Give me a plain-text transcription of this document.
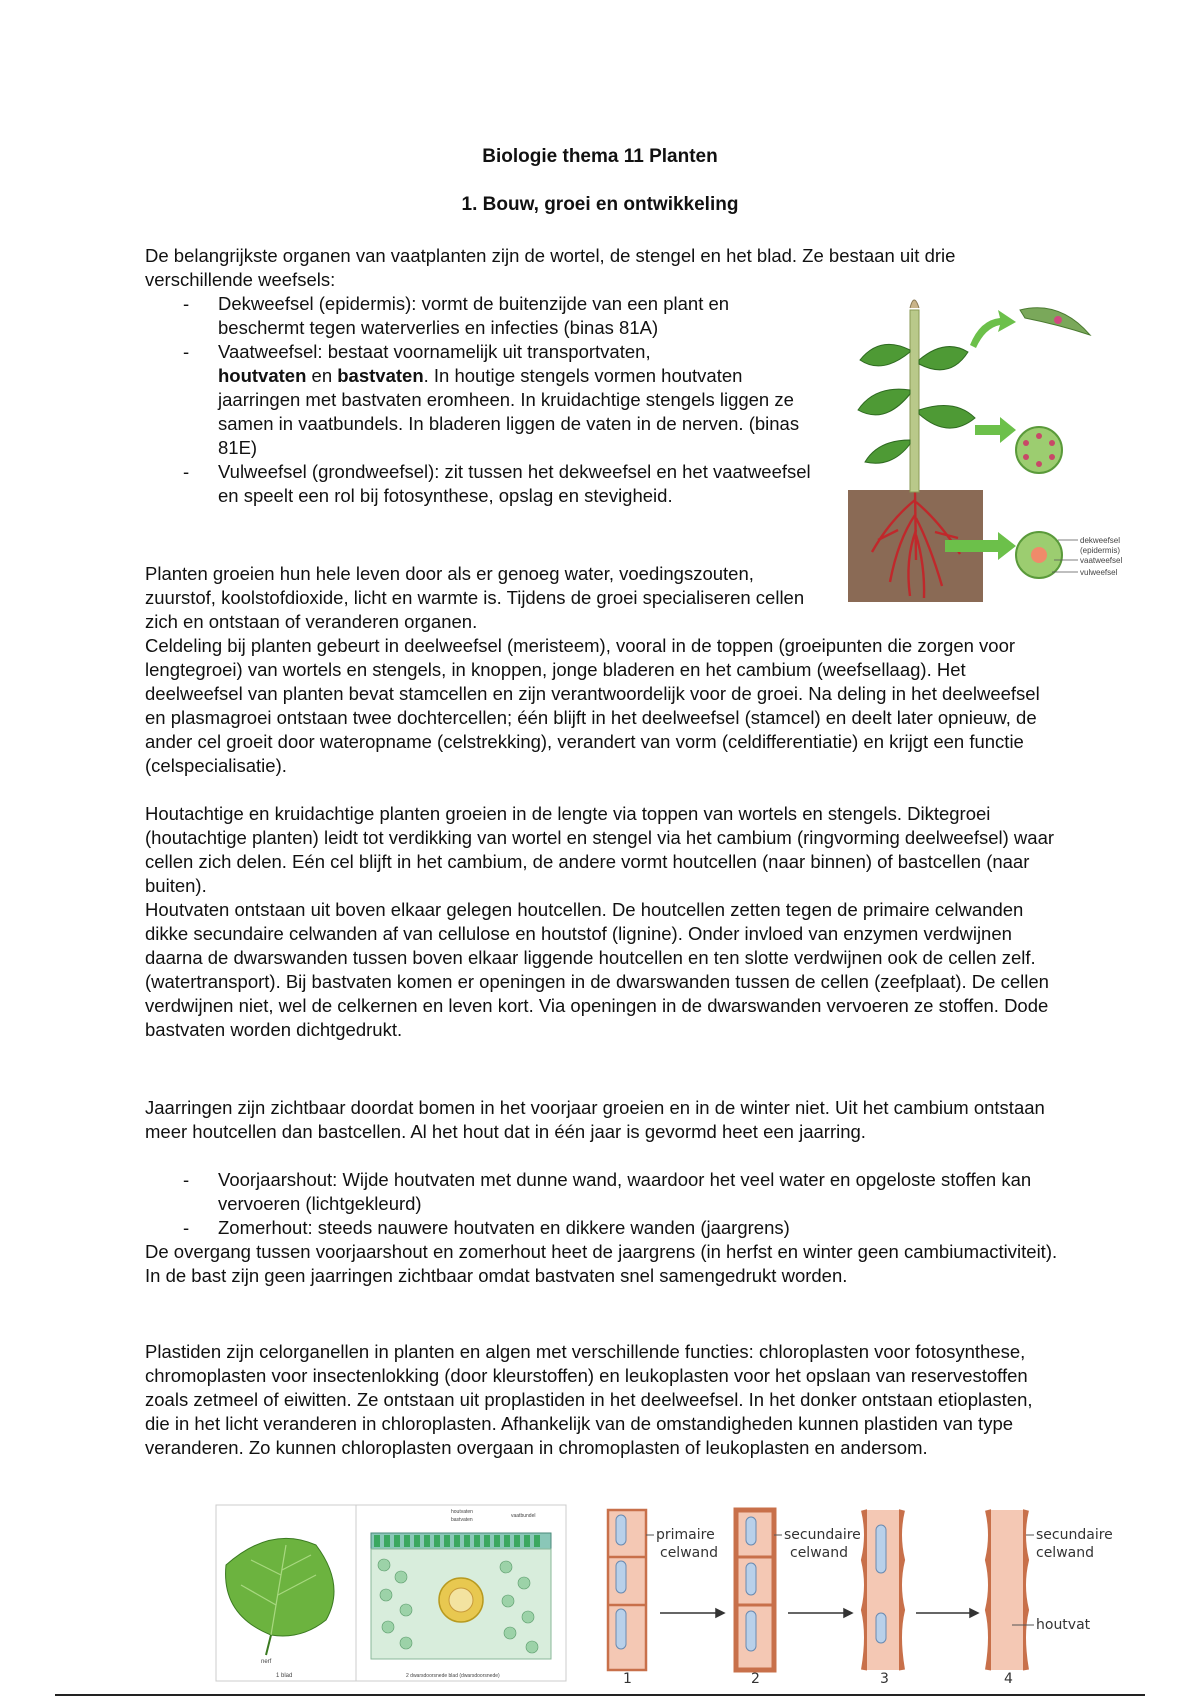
Biologie thema 11 Planten
1. Bouw, groei en ontwikkeling

De belangrijkste organen van vaatplanten zijn de wortel, de stengel en het blad. Ze bestaan uit drie verschillende weefsels:

- Dekweefsel (epidermis): vormt de buitenzijde van een plant en beschermt tegen waterverlies en infecties (binas 81A)
- Vaatweefsel: bestaat voornamelijk uit transportvaten,
houtvaten en bastvaten. In houtige stengels vormen houtvaten jaarringen met bastvaten eromheen. In kruidachtige stengels liggen ze samen in vaatbundels. In bladeren liggen de vaten in de nerven. (binas 81E)
- Vulweefsel (grondweefsel): zit tussen het dekweefsel en het vaatweefsel en speelt een rol bij fotosynthese, opslag en stevigheid.

Planten groeien hun hele leven door als er genoeg water, voedingszouten, zuurstof, koolstofdioxide, licht en warmte is. Tijdens de groei specialiseren cellen zich en ontstaan of veranderen organen.

Celdeling bij planten gebeurt in deelweefsel (meristeem), vooral in de toppen (groeipunten die zorgen voor lengtegroei) van wortels en stengels, in knoppen, jonge bladeren en het cambium (weefsellaag). Het deelweefsel van planten bevat stamcellen en zijn verantwoordelijk voor de groei. Na deling in het deelweefsel en plasmagroei ontstaan twee dochtercellen; één blijft in het deelweefsel (stamcel) en deelt later opnieuw, de ander cel groeit door wateropname (celstrekking), verandert van vorm (celdifferentiatie) en krijgt een functie (celspecialisatie).

Houtachtige en kruidachtige planten groeien in de lengte via toppen van wortels en stengels. Diktegroei (houtachtige planten) leidt tot verdikking van wortel en stengel via het cambium (ringvorming deelweefsel) waar cellen zich delen. Eén cel blijft in het cambium, de andere vormt houtcellen (naar binnen) of bastcellen (naar buiten).

Houtvaten ontstaan uit boven elkaar gelegen houtcellen. De houtcellen zetten tegen de primaire celwanden dikke secundaire celwanden af van cellulose en houtstof (lignine). Onder invloed van enzymen verdwijnen daarna de dwarswanden tussen boven elkaar liggende houtcellen en ten slotte verdwijnen ook de cellen zelf. (watertransport). Bij bastvaten komen er openingen in de dwarswanden tussen de cellen (zeefplaat). De cellen verdwijnen niet, wel de celkernen en leven kort. Via openingen in de dwarswanden vervoeren ze stoffen. Dode bastvaten worden dichtgedrukt.

Jaarringen zijn zichtbaar doordat bomen in het voorjaar groeien en in de winter niet. Uit het cambium ontstaan meer houtcellen dan bastcellen. Al het hout dat in één jaar is gevormd heet een jaarring.

- Voorjaarshout: Wijde houtvaten met dunne wand, waardoor het veel water en opgeloste stoffen kan vervoeren (lichtgekleurd)
- Zomerhout: steeds nauwere houtvaten en dikkere wanden (jaargrens)

De overgang tussen voorjaarshout en zomerhout heet de jaargrens (in herfst en winter geen cambiumactiviteit). In de bast zijn geen jaarringen zichtbaar omdat bastvaten snel samengedrukt worden.

Plastiden zijn celorganellen in planten en algen met verschillende functies: chloroplasten voor fotosynthese, chromoplasten voor insectenlokking (door kleurstoffen) en leukoplasten voor het opslaan van reservestoffen zoals zetmeel of eiwitten. Ze ontstaan uit proplastiden in het deelweefsel. In het donker ontstaan etioplasten, die in het licht veranderen in chloroplasten. Afhankelijk van de omstandigheden kunnen plastiden van type veranderen. Zo kunnen chloroplasten overgaan in chromoplasten of leukoplasten en andersom.

dekweefsel
(epidermis)
vaatweefsel
vulweefsel
nerf
1 blad
houtvaten
bastvaten
vaatbundel
2 dwarsdoorsnede blad (dwarsdoorsnede)
primaire
celwand
secundaire
celwand
secundaire
celwand
houtvat
1	2	3	4
